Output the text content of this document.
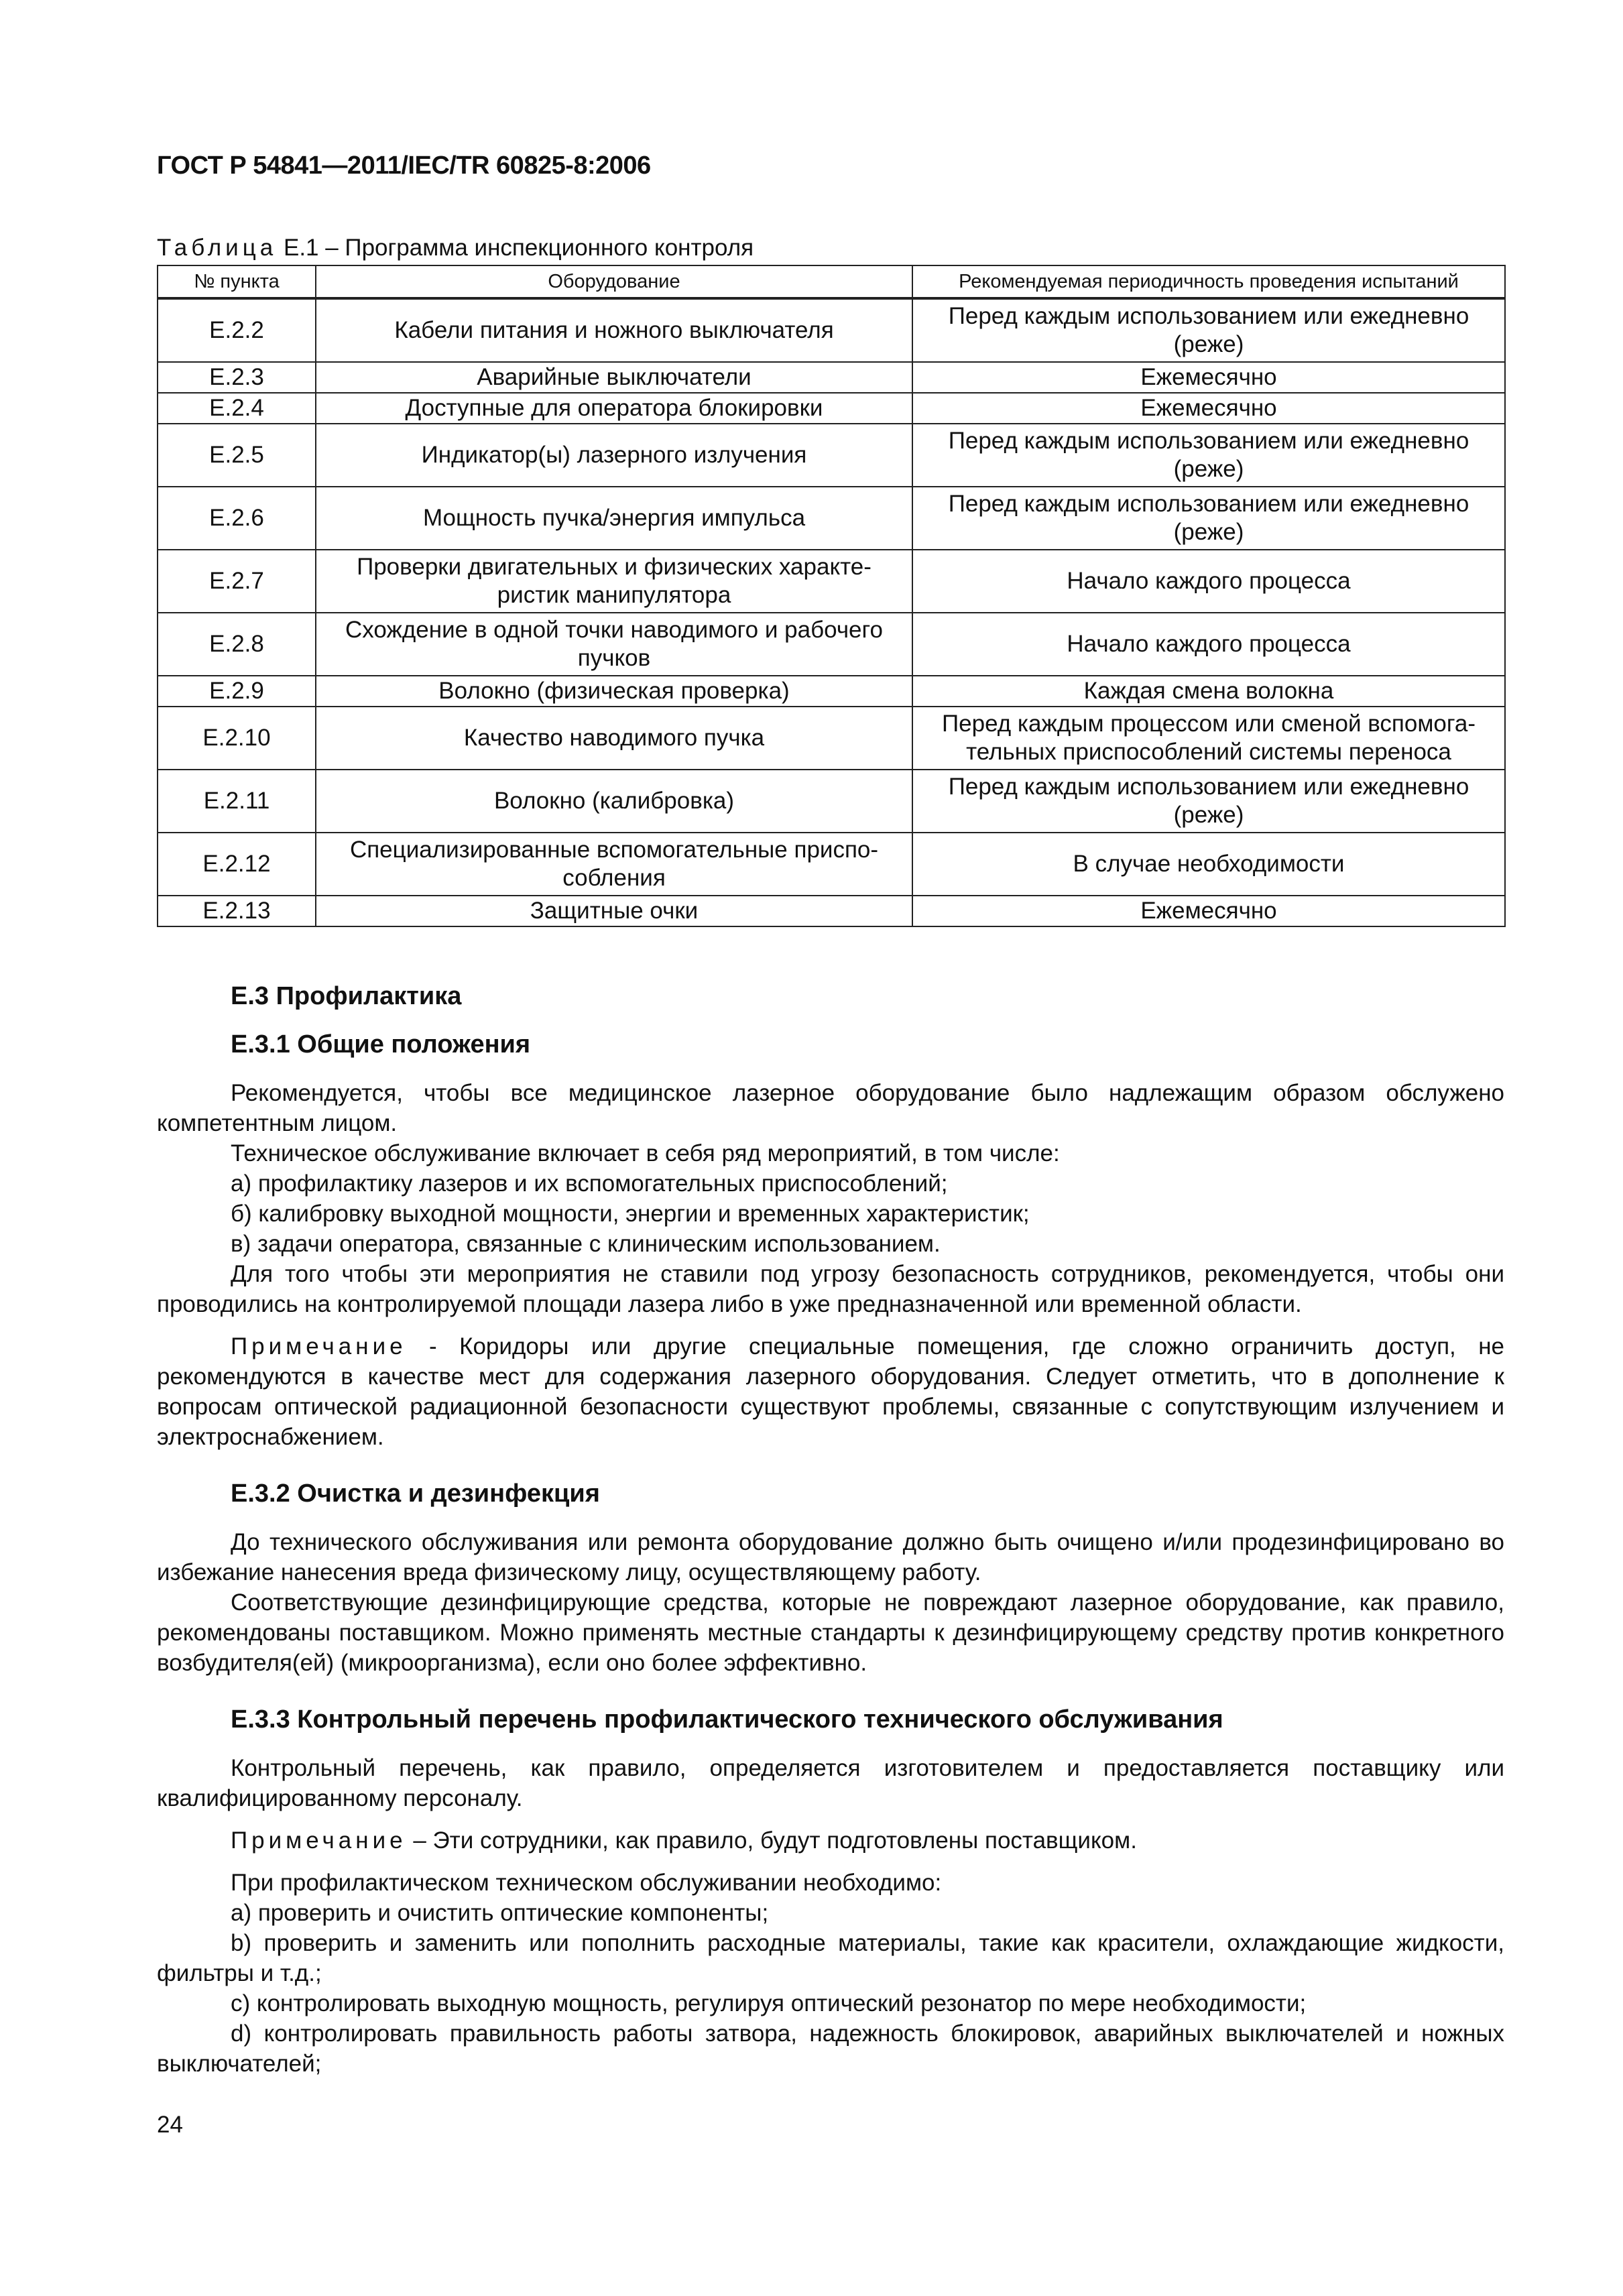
ГОСТ Р 54841—2011/IEC/TR 60825-8:2006
Таблица Е.1 – Программа инспекционного контроля
№ пункта	Оборудование	Рекомендуемая периодичность проведения испытаний
Е.2.2	Кабели питания и ножного выключателя	Перед каждым использованием или ежедневно (реже)
Е.2.3	Аварийные выключатели	Ежемесячно
Е.2.4	Доступные для оператора блокировки	Ежемесячно
Е.2.5	Индикатор(ы) лазерного излучения	Перед каждым использованием или ежедневно (реже)
Е.2.6	Мощность пучка/энергия импульса	Перед каждым использованием или ежедневно (реже)
Е.2.7	Проверки двигательных и физических характе-ристик манипулятора	Начало каждого процесса
Е.2.8	Схождение в одной точки наводимого и рабочего пучков	Начало каждого процесса
Е.2.9	Волокно (физическая проверка)	Каждая смена волокна
Е.2.10	Качество наводимого пучка	Перед каждым процессом или сменой вспомога-тельных приспособлений системы переноса
Е.2.11	Волокно (калибровка)	Перед каждым использованием или ежедневно (реже)
Е.2.12	Специализированные вспомогательные приспо-собления	В случае необходимости
Е.2.13	Защитные очки	Ежемесячно
Е.3 Профилактика
Е.3.1 Общие положения

Рекомендуется, чтобы все медицинское лазерное оборудование было надлежащим образом обслужено компетентным лицом.

Техническое обслуживание включает в себя ряд мероприятий, в том числе:

а) профилактику лазеров и их вспомогательных приспособлений;

б) калибровку выходной мощности, энергии и временных характеристик;

в) задачи оператора, связанные с клиническим использованием.

Для того чтобы эти мероприятия не ставили под угрозу безопасность сотрудников, рекомендуется, чтобы они проводились на контролируемой площади лазера либо в уже предназначенной или временной области.

Примечание - Коридоры или другие специальные помещения, где сложно ограничить доступ, не рекомендуются в качестве мест для содержания лазерного оборудования. Следует отметить, что в дополнение к вопросам оптической радиационной безопасности существуют проблемы, связанные с сопутствующим излучением и электроснабжением.

Е.3.2 Очистка и дезинфекция

До технического обслуживания или ремонта оборудование должно быть очищено и/или продезинфицировано во избежание нанесения вреда физическому лицу, осуществляющему работу.

Соответствующие дезинфицирующие средства, которые не повреждают лазерное оборудование, как правило, рекомендованы поставщиком. Можно применять местные стандарты к дезинфицирующему средству против конкретного возбудителя(ей) (микроорганизма), если оно более эффективно.

Е.3.3 Контрольный перечень профилактического технического обслуживания

Контрольный перечень, как правило, определяется изготовителем и предоставляется поставщику или квалифицированному персоналу.

Примечание – Эти сотрудники, как правило, будут подготовлены поставщиком.

При профилактическом техническом обслуживании необходимо:

а) проверить и очистить оптические компоненты;

b) проверить и заменить или пополнить расходные материалы, такие как красители, охлаждающие жидкости, фильтры и т.д.;

c) контролировать выходную мощность, регулируя оптический резонатор по мере необходимости;

d) контролировать правильность работы затвора, надежность блокировок, аварийных выключателей и ножных выключателей;

24
